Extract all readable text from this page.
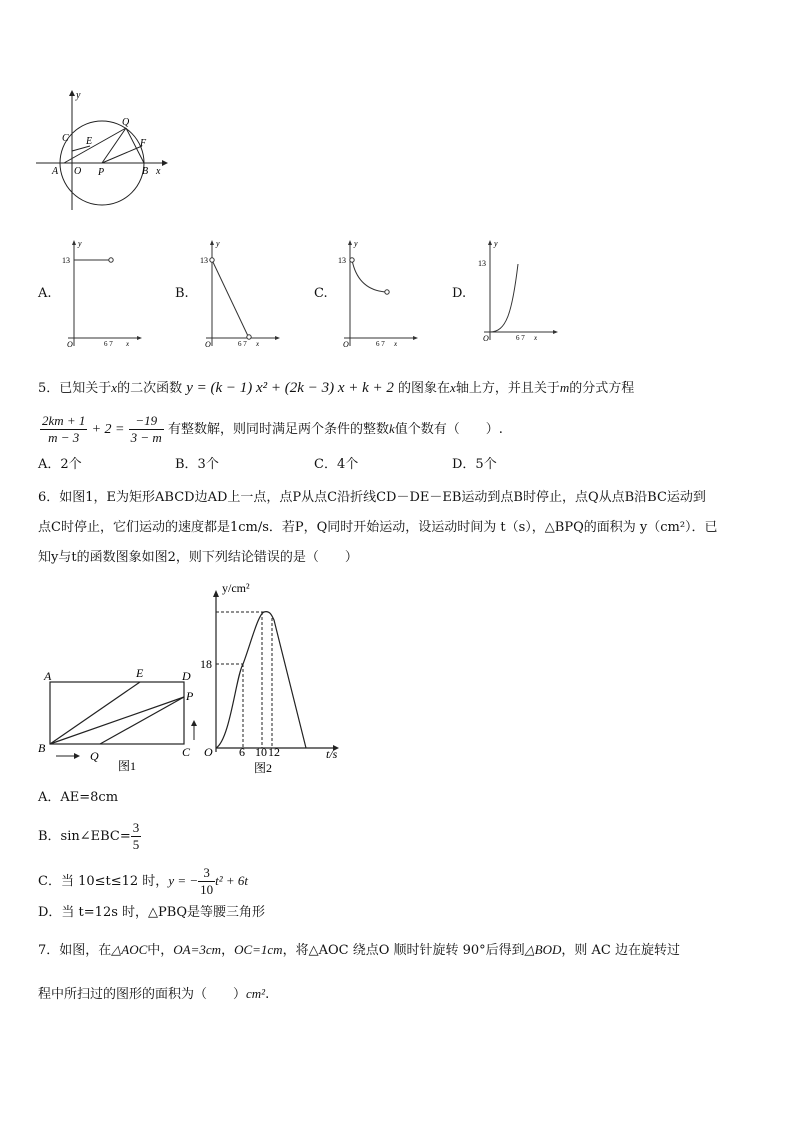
y
x
C
Q
E	F
A O P	B
A.
y
13
O	6 7 x
B.
y
13
O	6 7 x
C.
y
13
O	6 7 x
D.
y
13
O	6 7 x
5．已知关于x的二次函数 y = (k − 1) x² + (2k − 3) x + k + 2 的图象在x轴上方，并且关于m的分式方程
$\frac{2km + 1}{m - 3} + 2 = \frac{-19}{3 - m}$ 有整数解，则同时满足两个条件的整数k值个数有（　　）.
A．2个	B．3个	C．4个	D．5个
6．如图1，E为矩形ABCD边AD上一点，点P从点C沿折线CD－DE－EB运动到点B时停止，点Q从点B沿BC运动到
点C时停止，它们运动的速度都是1cm/s．若P，Q同时开始运动，设运动时间为 t（s），△BPQ的面积为 y（cm²）．已
知y与t的函数图象如图2，则下列结论错误的是（　　）
A	E	D
P
B
Q	C
图1
y/cm²
18
O 6 10 12	t/s
图2
A．AE=8cm
B．sin∠EBC= $\frac{3}{5}$
C．当 10≤t≤12 时，y = − $\frac{3}{10} t^2 + 6t$
D．当 t=12s 时，△PBQ是等腰三角形
7．如图，在△AOC中，OA=3cm，OC=1cm，将△AOC 绕点O 顺时针旋转 90°后得到△BOD，则 AC 边在旋转过
程中所扫过的图形的面积为（　　）cm².
